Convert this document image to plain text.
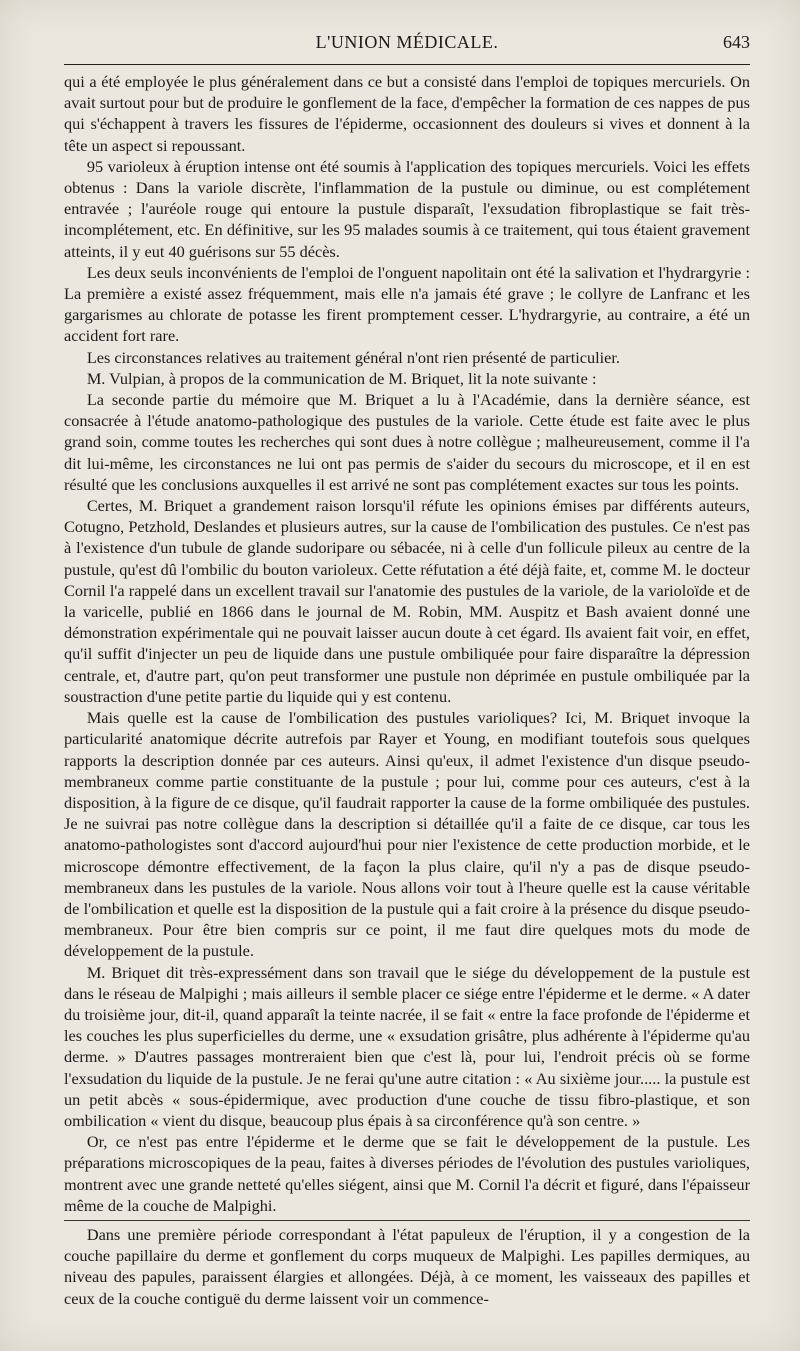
L'UNION MÉDICALE.	643

qui a été employée le plus généralement dans ce but a consisté dans l'emploi de topiques mercuriels. On avait surtout pour but de produire le gonflement de la face, d'empêcher la formation de ces nappes de pus qui s'échappent à travers les fissures de l'épiderme, occasionnent des douleurs si vives et donnent à la tête un aspect si repoussant.

95 varioleux à éruption intense ont été soumis à l'application des topiques mercuriels. Voici les effets obtenus : Dans la variole discrète, l'inflammation de la pustule ou diminue, ou est complétement entravée ; l'auréole rouge qui entoure la pustule disparaît, l'exsudation fibroplastique se fait très-incomplétement, etc. En définitive, sur les 95 malades soumis à ce traitement, qui tous étaient gravement atteints, il y eut 40 guérisons sur 55 décès.

Les deux seuls inconvénients de l'emploi de l'onguent napolitain ont été la salivation et l'hydrargyrie : La première a existé assez fréquemment, mais elle n'a jamais été grave ; le collyre de Lanfranc et les gargarismes au chlorate de potasse les firent promptement cesser. L'hydrargyrie, au contraire, a été un accident fort rare.

Les circonstances relatives au traitement général n'ont rien présenté de particulier.

M. Vulpian, à propos de la communication de M. Briquet, lit la note suivante :

La seconde partie du mémoire que M. Briquet a lu à l'Académie, dans la dernière séance, est consacrée à l'étude anatomo-pathologique des pustules de la variole. Cette étude est faite avec le plus grand soin, comme toutes les recherches qui sont dues à notre collègue ; malheureusement, comme il l'a dit lui-même, les circonstances ne lui ont pas permis de s'aider du secours du microscope, et il en est résulté que les conclusions auxquelles il est arrivé ne sont pas complétement exactes sur tous les points.

Certes, M. Briquet a grandement raison lorsqu'il réfute les opinions émises par différents auteurs, Cotugno, Petzhold, Deslandes et plusieurs autres, sur la cause de l'ombilication des pustules. Ce n'est pas à l'existence d'un tubule de glande sudoripare ou sébacée, ni à celle d'un follicule pileux au centre de la pustule, qu'est dû l'ombilic du bouton varioleux. Cette réfutation a été déjà faite, et, comme M. le docteur Cornil l'a rappelé dans un excellent travail sur l'anatomie des pustules de la variole, de la varioloïde et de la varicelle, publié en 1866 dans le journal de M. Robin, MM. Auspitz et Bash avaient donné une démonstration expérimentale qui ne pouvait laisser aucun doute à cet égard. Ils avaient fait voir, en effet, qu'il suffit d'injecter un peu de liquide dans une pustule ombiliquée pour faire disparaître la dépression centrale, et, d'autre part, qu'on peut transformer une pustule non déprimée en pustule ombiliquée par la soustraction d'une petite partie du liquide qui y est contenu.

Mais quelle est la cause de l'ombilication des pustules varioliques? Ici, M. Briquet invoque la particularité anatomique décrite autrefois par Rayer et Young, en modifiant toutefois sous quelques rapports la description donnée par ces auteurs. Ainsi qu'eux, il admet l'existence d'un disque pseudo-membraneux comme partie constituante de la pustule ; pour lui, comme pour ces auteurs, c'est à la disposition, à la figure de ce disque, qu'il faudrait rapporter la cause de la forme ombiliquée des pustules. Je ne suivrai pas notre collègue dans la description si détaillée qu'il a faite de ce disque, car tous les anatomo-pathologistes sont d'accord aujourd'hui pour nier l'existence de cette production morbide, et le microscope démontre effectivement, de la façon la plus claire, qu'il n'y a pas de disque pseudo-membraneux dans les pustules de la variole. Nous allons voir tout à l'heure quelle est la cause véritable de l'ombilication et quelle est la disposition de la pustule qui a fait croire à la présence du disque pseudo-membraneux. Pour être bien compris sur ce point, il me faut dire quelques mots du mode de développement de la pustule.

M. Briquet dit très-expressément dans son travail que le siége du développement de la pustule est dans le réseau de Malpighi ; mais ailleurs il semble placer ce siége entre l'épiderme et le derme. « A dater du troisième jour, dit-il, quand apparaît la teinte nacrée, il se fait « entre la face profonde de l'épiderme et les couches les plus superficielles du derme, une « exsudation grisâtre, plus adhérente à l'épiderme qu'au derme. » D'autres passages montreraient bien que c'est là, pour lui, l'endroit précis où se forme l'exsudation du liquide de la pustule. Je ne ferai qu'une autre citation : « Au sixième jour..... la pustule est un petit abcès « sous-épidermique, avec production d'une couche de tissu fibro-plastique, et son ombilication « vient du disque, beaucoup plus épais à sa circonférence qu'à son centre. »

Or, ce n'est pas entre l'épiderme et le derme que se fait le développement de la pustule. Les préparations microscopiques de la peau, faites à diverses périodes de l'évolution des pustules varioliques, montrent avec une grande netteté qu'elles siégent, ainsi que M. Cornil l'a décrit et figuré, dans l'épaisseur même de la couche de Malpighi.

Dans une première période correspondant à l'état papuleux de l'éruption, il y a congestion de la couche papillaire du derme et gonflement du corps muqueux de Malpighi. Les papilles dermiques, au niveau des papules, paraissent élargies et allongées. Déjà, à ce moment, les vaisseaux des papilles et ceux de la couche contiguë du derme laissent voir un commence-
